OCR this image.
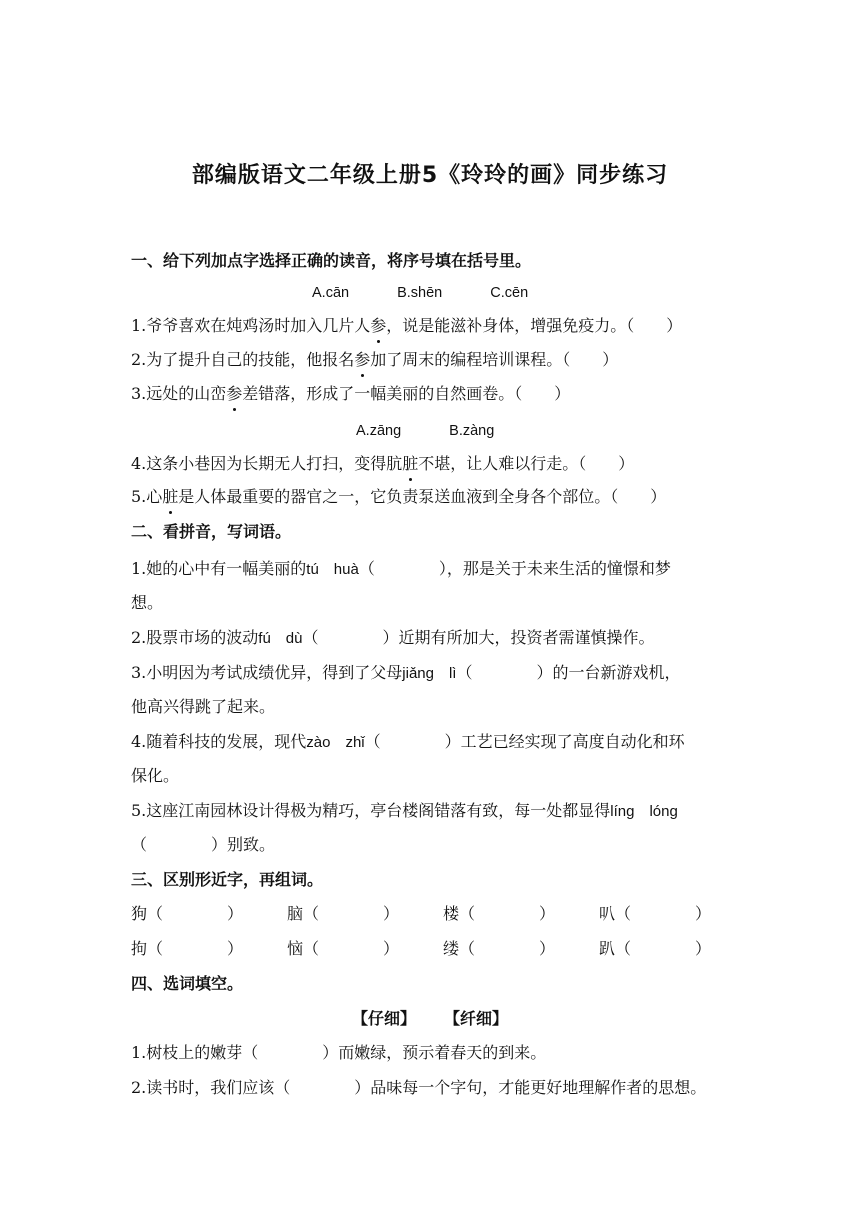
部编版语文二年级上册5《玲玲的画》同步练习
一、给下列加点字选择正确的读音，将序号填在括号里。
A.cān	B.shēn	C.cēn
1.爷爷喜欢在炖鸡汤时加入几片人参，说是能滋补身体，增强免疫力。（　　）
2.为了提升自己的技能，他报名参加了周末的编程培训课程。（　　）
3.远处的山峦参差错落，形成了一幅美丽的自然画卷。（　　）
A.zāng	B.zàng
4.这条小巷因为长期无人打扫，变得肮脏不堪，让人难以行走。（　　）
5.心脏是人体最重要的器官之一，它负责泵送血液到全身各个部位。（　　）
二、看拼音，写词语。
1.她的心中有一幅美丽的tú　huà（　　　　），那是关于未来生活的憧憬和梦
想。
2.股票市场的波动fú　dù（　　　　）近期有所加大，投资者需谨慎操作。
3.小明因为考试成绩优异，得到了父母jiǎng　lì（　　　　）的一台新游戏机，
他高兴得跳了起来。
4.随着科技的发展，现代zào　zhǐ（　　　　）工艺已经实现了高度自动化和环
保化。
5.这座江南园林设计得极为精巧，亭台楼阁错落有致，每一处都显得líng　lóng
（　　　　）别致。
三、区别形近字，再组词。
狗（　　　　）	脑（　　　　）	楼（　　　　）	叭（　　　　）
拘（　　　　）	恼（　　　　）	缕（　　　　）	趴（　　　　）
四、选词填空。
【仔细】 【纤细】
1.树枝上的嫩芽（　　　　）而嫩绿，预示着春天的到来。
2.读书时，我们应该（　　　　）品味每一个字句，才能更好地理解作者的思想。
